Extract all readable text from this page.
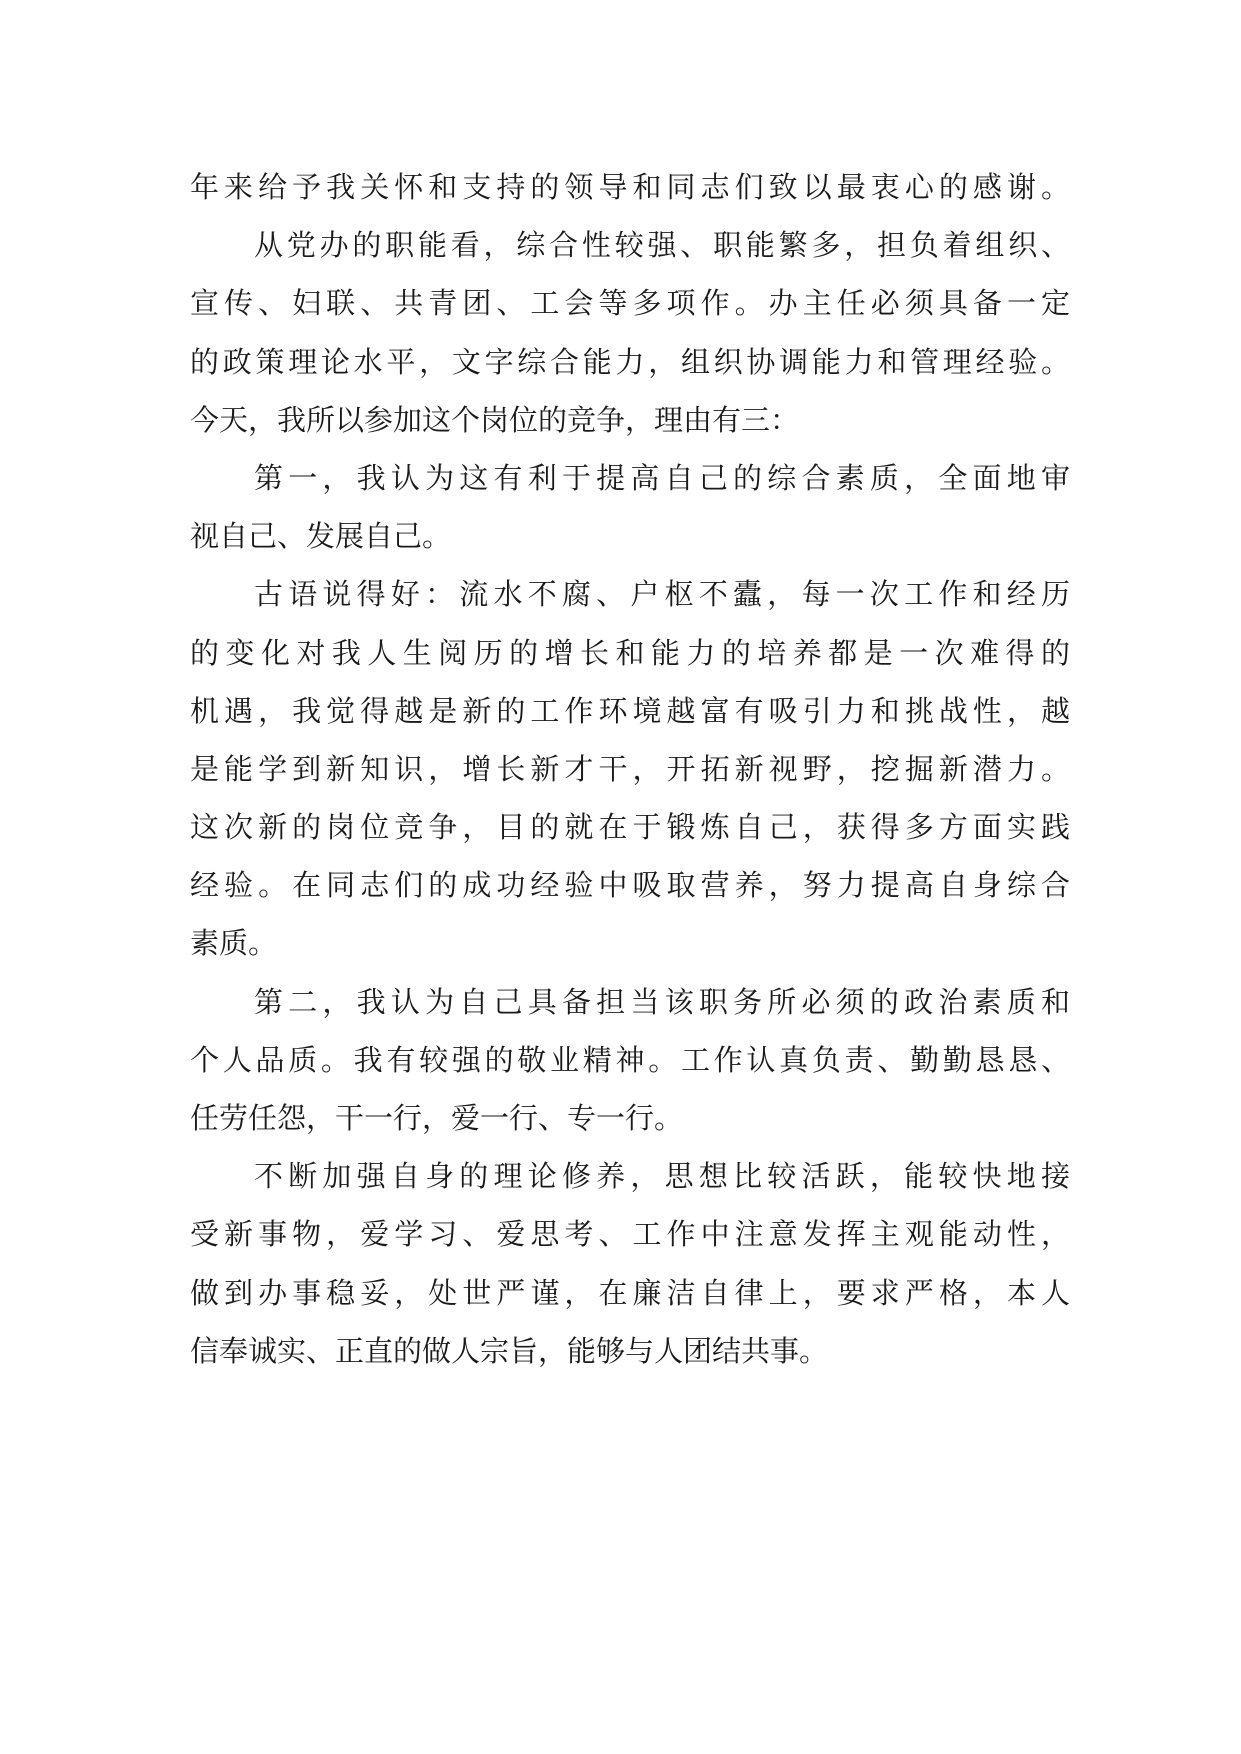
年来给予我关怀和支持的领导和同志们致以最衷心的感谢。
从党办的职能看，综合性较强、职能繁多，担负着组织、
宣传、妇联、共青团、工会等多项作。办主任必须具备一定
的政策理论水平，文字综合能力，组织协调能力和管理经验。
今天，我所以参加这个岗位的竞争，理由有三：
第一，我认为这有利于提高自己的综合素质，全面地审
视自己、发展自己。
古语说得好：流水不腐、户枢不蠹，每一次工作和经历
的变化对我人生阅历的增长和能力的培养都是一次难得的
机遇，我觉得越是新的工作环境越富有吸引力和挑战性，越
是能学到新知识，增长新才干，开拓新视野，挖掘新潜力。
这次新的岗位竞争，目的就在于锻炼自己，获得多方面实践
经验。在同志们的成功经验中吸取营养，努力提高自身综合
素质。
第二，我认为自己具备担当该职务所必须的政治素质和
个人品质。我有较强的敬业精神。工作认真负责、勤勤恳恳、
任劳任怨，干一行，爱一行、专一行。
不断加强自身的理论修养，思想比较活跃，能较快地接
受新事物，爱学习、爱思考、工作中注意发挥主观能动性，
做到办事稳妥，处世严谨，在廉洁自律上，要求严格，本人
信奉诚实、正直的做人宗旨，能够与人团结共事。
